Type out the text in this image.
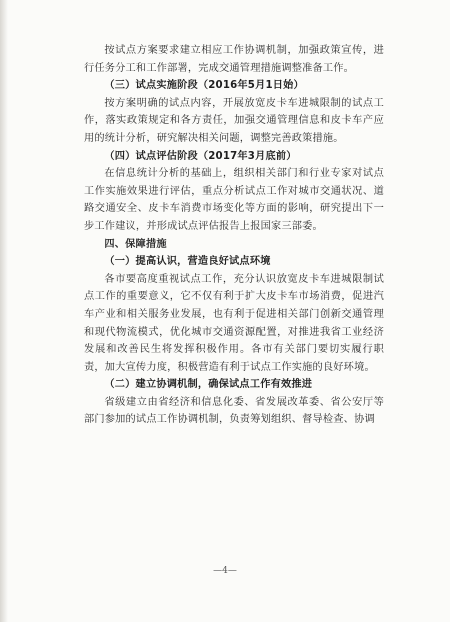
按试点方案要求建立相应工作协调机制，加强政策宣传，进行任务分工和工作部署，完成交通管理措施调整准备工作。

（三）试点实施阶段（2016年5月1日始）

按方案明确的试点内容，开展放宽皮卡车进城限制的试点工作，落实政策规定和各方责任，加强交通管理信息和皮卡车产应用的统计分析，研究解决相关问题，调整完善政策措施。

（四）试点评估阶段（2017年3月底前）

在信息统计分析的基础上，组织相关部门和行业专家对试点工作实施效果进行评估，重点分析试点工作对城市交通状况、道路交通安全、皮卡车消费市场变化等方面的影响，研究提出下一步工作建议，并形成试点评估报告上报国家三部委。

四、保障措施

（一）提高认识，营造良好试点环境

各市要高度重视试点工作，充分认识放宽皮卡车进城限制试点工作的重要意义，它不仅有利于扩大皮卡车市场消费，促进汽车产业和相关服务业发展，也有利于促进相关部门创新交通管理和现代物流模式，优化城市交通资源配置，对推进我省工业经济发展和改善民生将发挥积极作用。各市有关部门要切实履行职责，加大宣传力度，积极营造有利于试点工作实施的良好环境。

（二）建立协调机制，确保试点工作有效推进

省级建立由省经济和信息化委、省发展改革委、省公安厅等部门参加的试点工作协调机制，负责筹划组织、督导检查、协调

—4—
